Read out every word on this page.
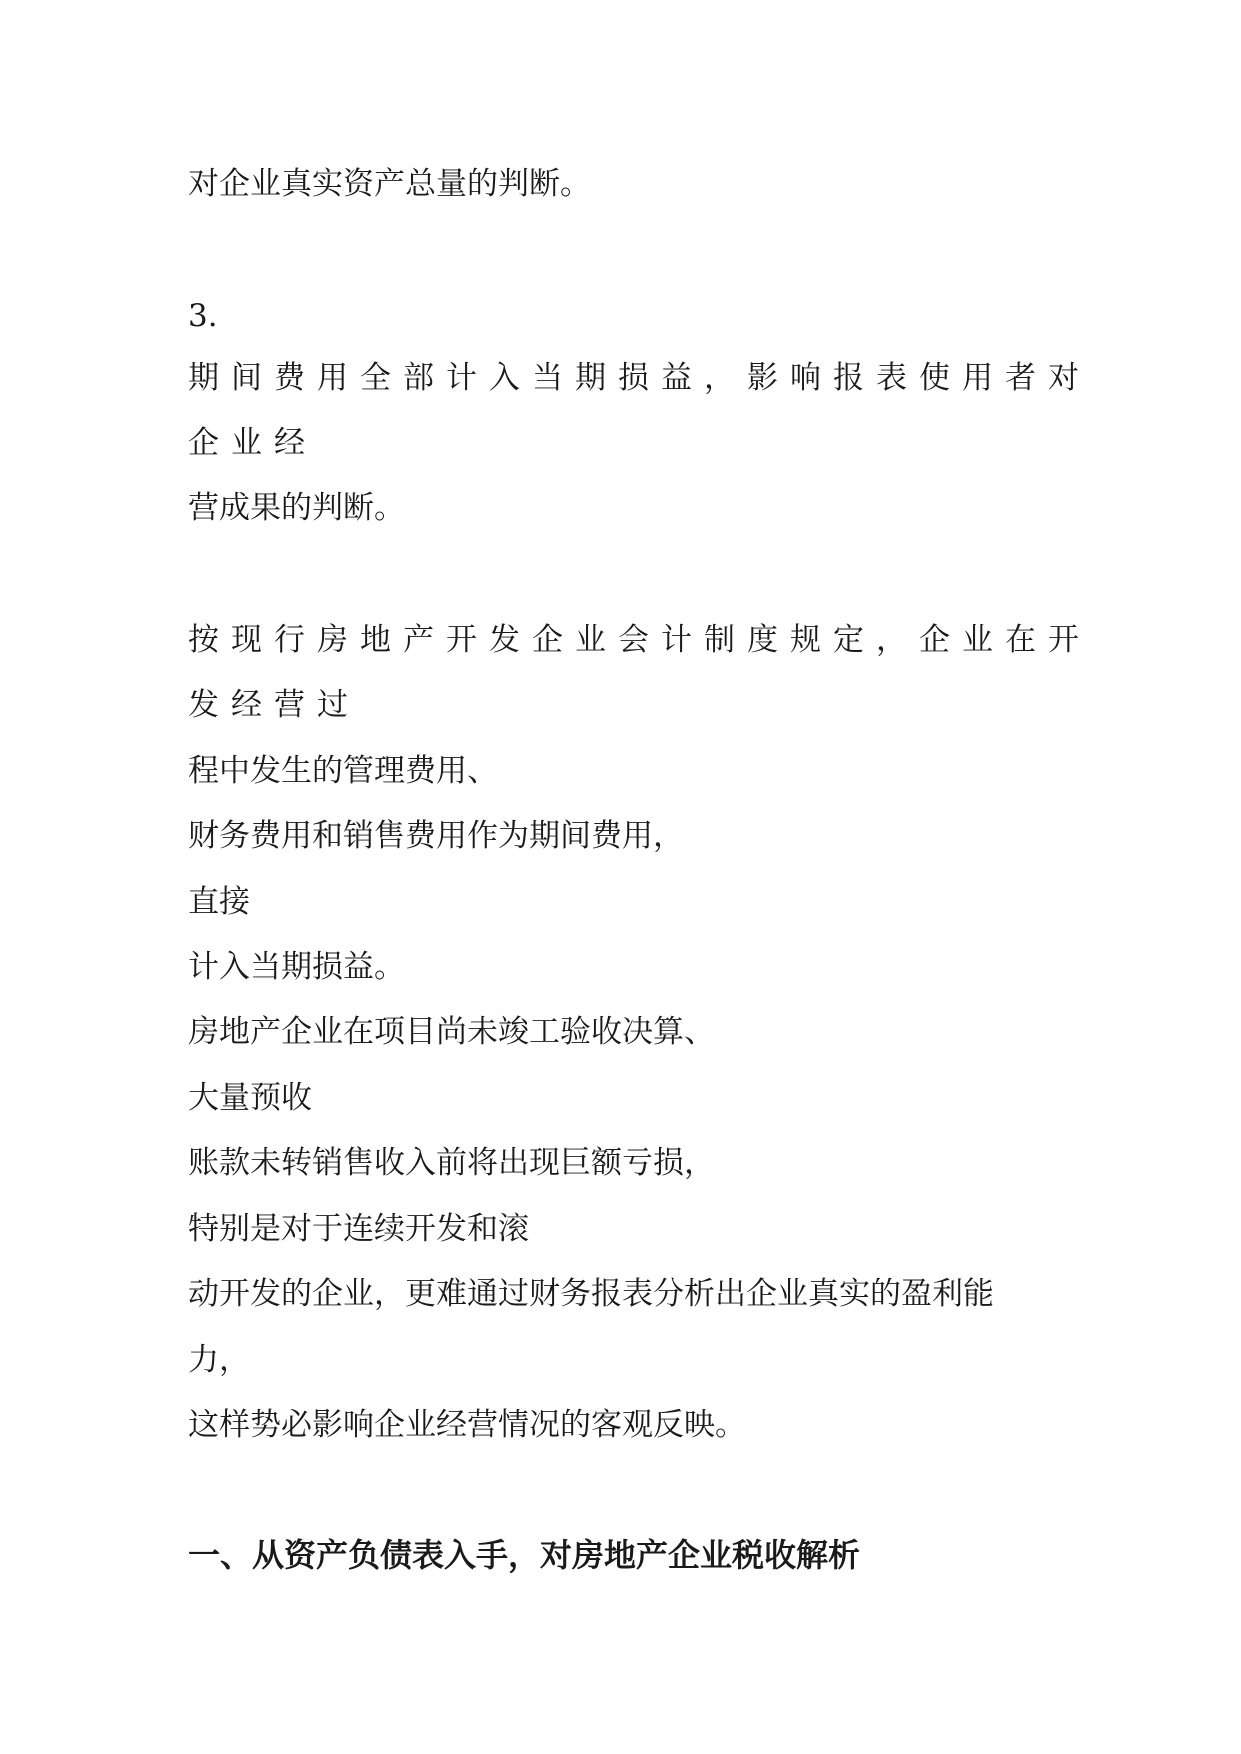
对企业真实资产总量的判断。
3.
期间费用全部计入当期损益，影响报表使用者对
企业经
营成果的判断。
按现行房地产开发企业会计制度规定，企业在开
发经营过
程中发生的管理费用、
财务费用和销售费用作为期间费用，
直接
计入当期损益。
房地产企业在项目尚未竣工验收决算、
大量预收
账款未转销售收入前将出现巨额亏损，
特别是对于连续开发和滚
动开发的企业，更难通过财务报表分析出企业真实的盈利能
力，
这样势必影响企业经营情况的客观反映。
一、从资产负债表入手，对房地产企业税收解析
